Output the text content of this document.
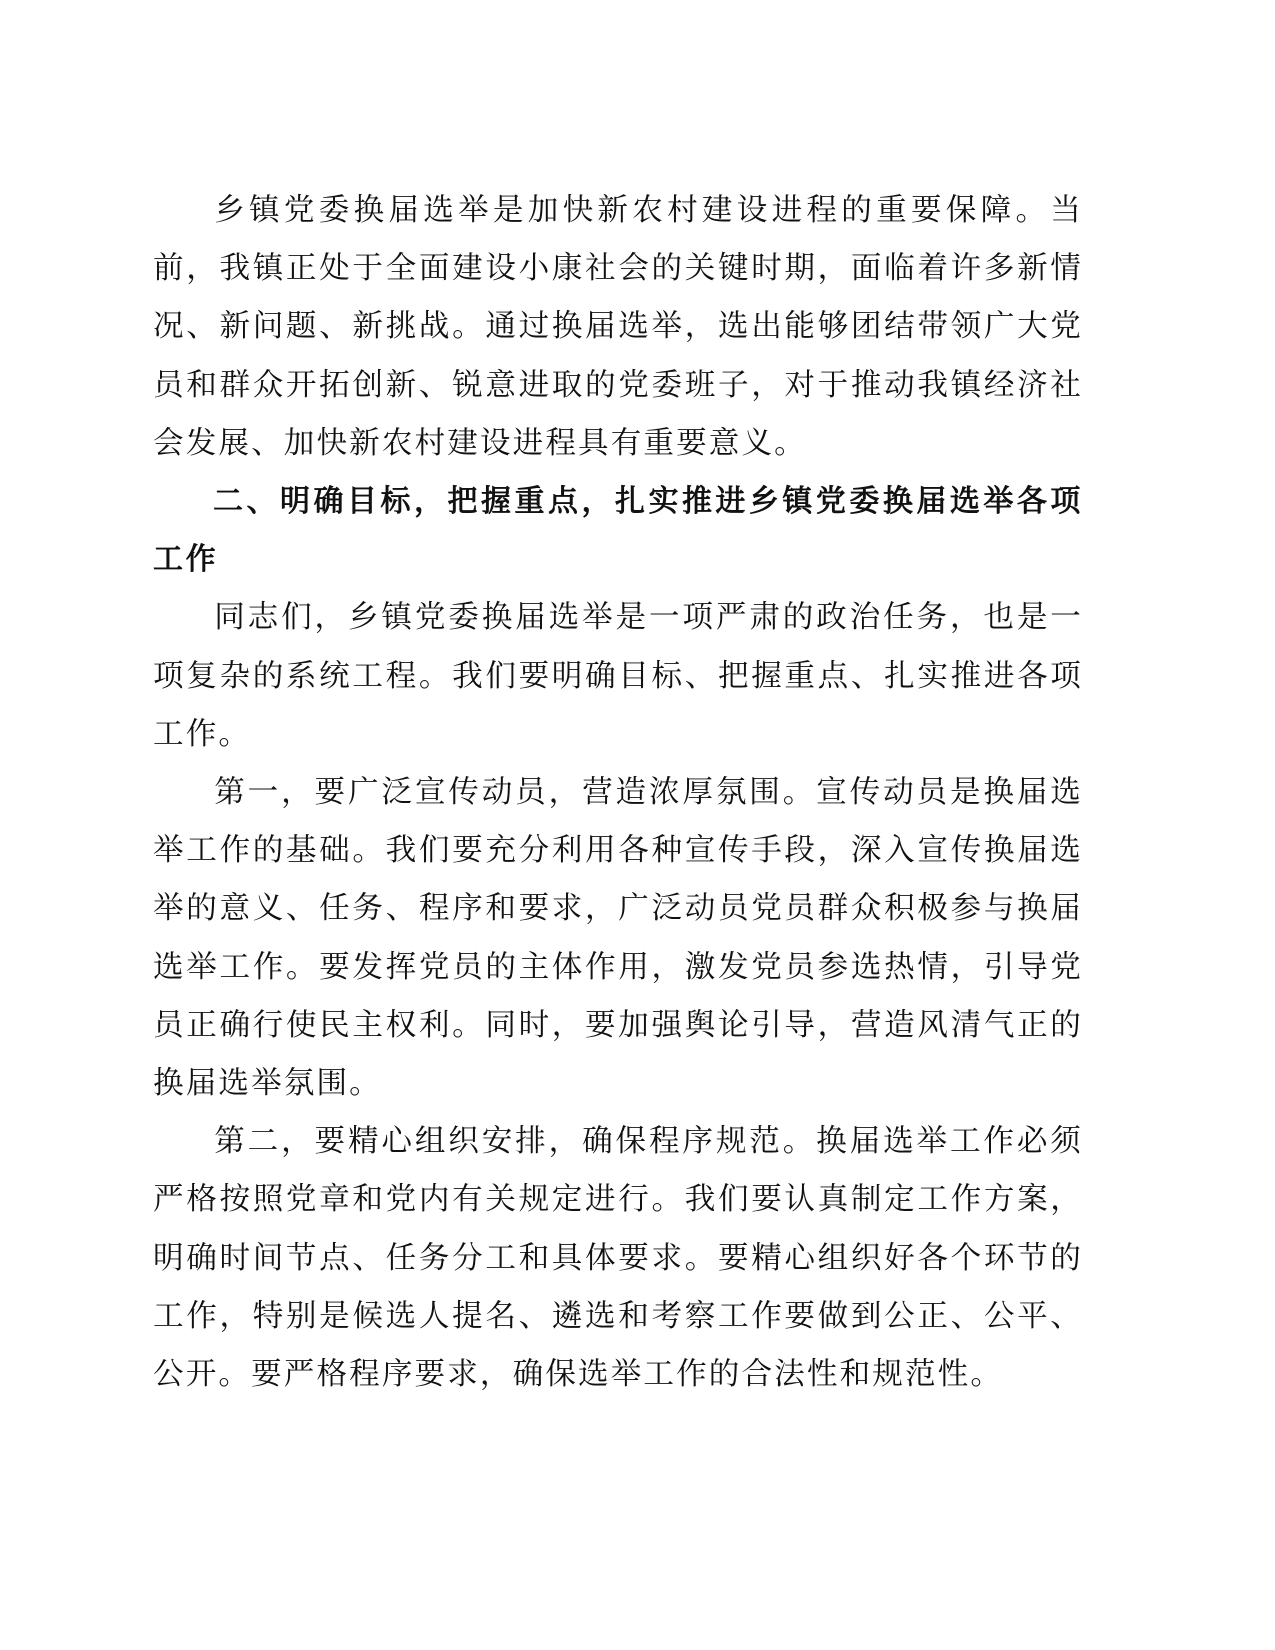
乡镇党委换届选举是加快新农村建设进程的重要保障。当前，我镇正处于全面建设小康社会的关键时期，面临着许多新情况、新问题、新挑战。通过换届选举，选出能够团结带领广大党员和群众开拓创新、锐意进取的党委班子，对于推动我镇经济社会发展、加快新农村建设进程具有重要意义。

二、明确目标，把握重点，扎实推进乡镇党委换届选举各项工作

同志们，乡镇党委换届选举是一项严肃的政治任务，也是一项复杂的系统工程。我们要明确目标、把握重点、扎实推进各项工作。

第一，要广泛宣传动员，营造浓厚氛围。宣传动员是换届选举工作的基础。我们要充分利用各种宣传手段，深入宣传换届选举的意义、任务、程序和要求，广泛动员党员群众积极参与换届选举工作。要发挥党员的主体作用，激发党员参选热情，引导党员正确行使民主权利。同时，要加强舆论引导，营造风清气正的换届选举氛围。

第二，要精心组织安排，确保程序规范。换届选举工作必须严格按照党章和党内有关规定进行。我们要认真制定工作方案，明确时间节点、任务分工和具体要求。要精心组织好各个环节的工作，特别是候选人提名、遴选和考察工作要做到公正、公平、公开。要严格程序要求，确保选举工作的合法性和规范性。
